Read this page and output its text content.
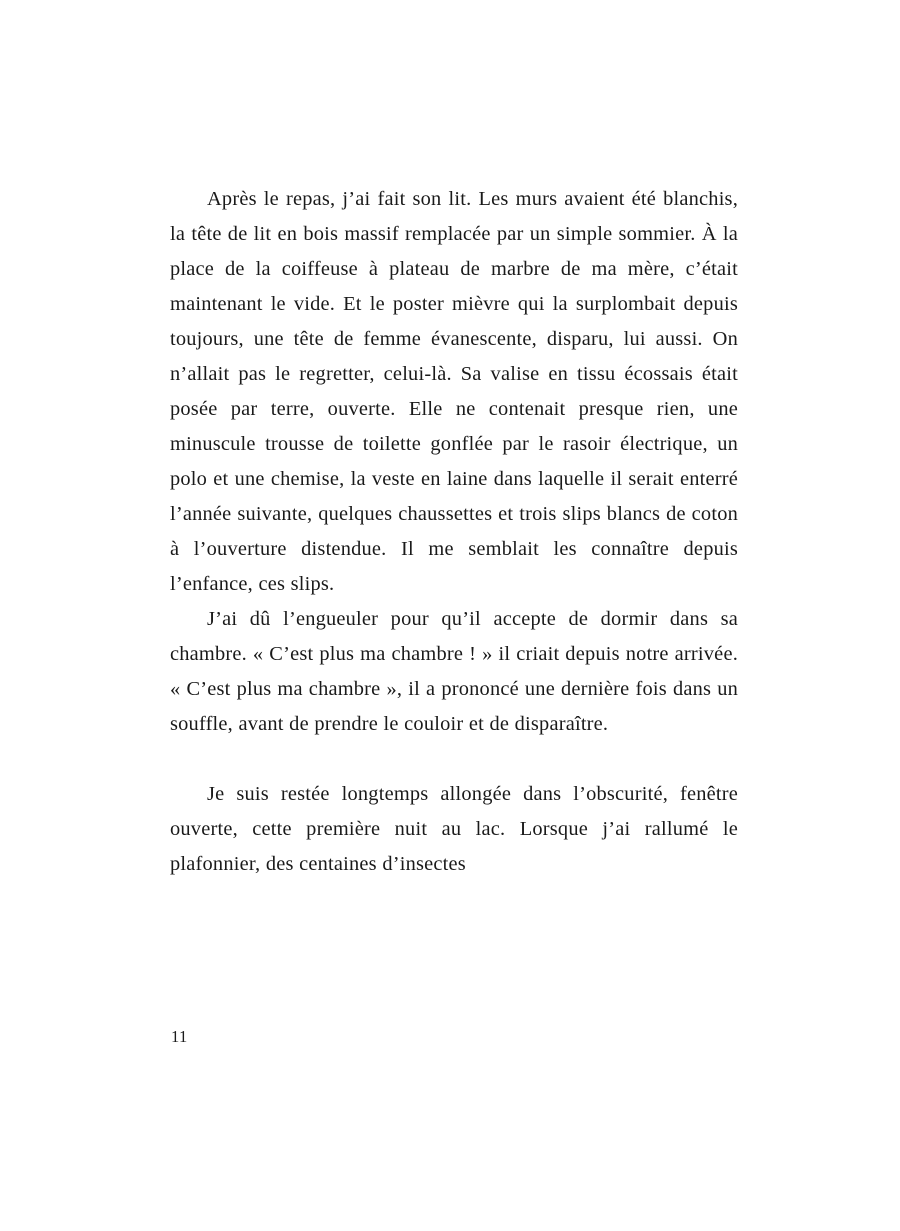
Après le repas, j’ai fait son lit. Les murs avaient été blanchis, la tête de lit en bois massif remplacée par un simple sommier. À la place de la coiffeuse à plateau de marbre de ma mère, c’était maintenant le vide. Et le poster mièvre qui la surplombait depuis toujours, une tête de femme évanescente, disparu, lui aussi. On n’allait pas le regretter, celui-là. Sa valise en tissu écossais était posée par terre, ouverte. Elle ne contenait presque rien, une minuscule trousse de toilette gonflée par le rasoir électrique, un polo et une chemise, la veste en laine dans laquelle il serait enterré l’année suivante, quelques chaussettes et trois slips blancs de coton à l’ouverture distendue. Il me semblait les connaître depuis l’enfance, ces slips.

J’ai dû l’engueuler pour qu’il accepte de dormir dans sa chambre. « C’est plus ma chambre ! » il criait depuis notre arrivée. « C’est plus ma chambre », il a prononcé une dernière fois dans un souffle, avant de prendre le couloir et de disparaître.

Je suis restée longtemps allongée dans l’obscurité, fenêtre ouverte, cette première nuit au lac. Lorsque j’ai rallumé le plafonnier, des centaines d’insectes

11
